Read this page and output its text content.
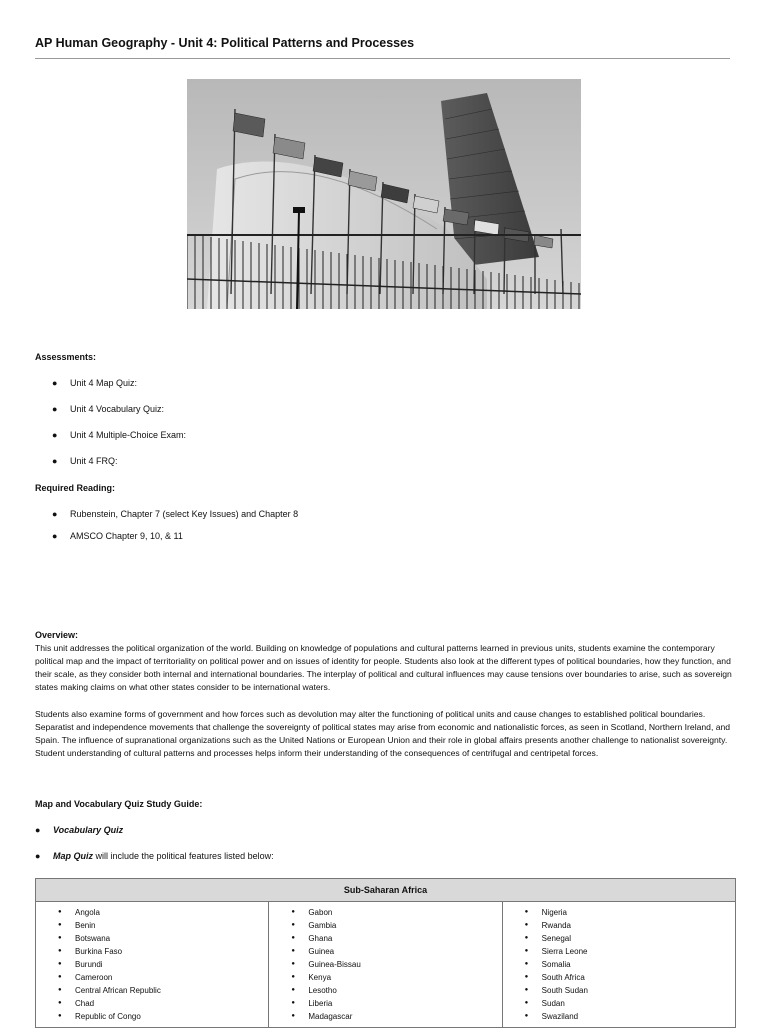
AP Human Geography - Unit 4: Political Patterns and Processes
Assessments:
● Unit 4 Map Quiz:
● Unit 4 Vocabulary Quiz:
● Unit 4 Multiple-Choice Exam:
● Unit 4 FRQ:
Required Reading:
● Rubenstein, Chapter 7 (select Key Issues) and Chapter 8
● AMSCO Chapter 9, 10, & 11
Overview:
This unit addresses the political organization of the world. Building on knowledge of populations and cultural patterns learned in previous units, students examine the contemporary political map and the impact of territoriality on political power and on issues of identity for people. Students also look at the different types of political boundaries, how they function, and their scale, as they consider both internal and international boundaries. The interplay of political and cultural influences may cause tensions over boundaries to arise, such as sovereign states making claims on what other states consider to be international waters.
Students also examine forms of government and how forces such as devolution may alter the functioning of political units and cause changes to established political boundaries. Separatist and independence movements that challenge the sovereignty of political states may arise from economic and nationalistic forces, as seen in Scotland, Northern Ireland, and Spain. The influence of supranational organizations such as the United Nations or European Union and their role in global affairs presents another challenge to nationalist sovereignty. Student understanding of cultural patterns and processes helps inform their understanding of the consequences of centrifugal and centripetal forces.
Map and Vocabulary Quiz Study Guide:
● Vocabulary Quiz
● Map Quiz will include the political features listed below:
Sub-Saharan Africa
● Angola
● Benin
● Botswana
● Burkina Faso
● Burundi
● Cameroon
● Central African Republic
● Chad
● Republic of Congo
● Gabon
● Gambia
● Ghana
● Guinea
● Guinea-Bissau
● Kenya
● Lesotho
● Liberia
● Madagascar
● Nigeria
● Rwanda
● Senegal
● Sierra Leone
● Somalia
● South Africa
● South Sudan
● Sudan
● Swaziland
